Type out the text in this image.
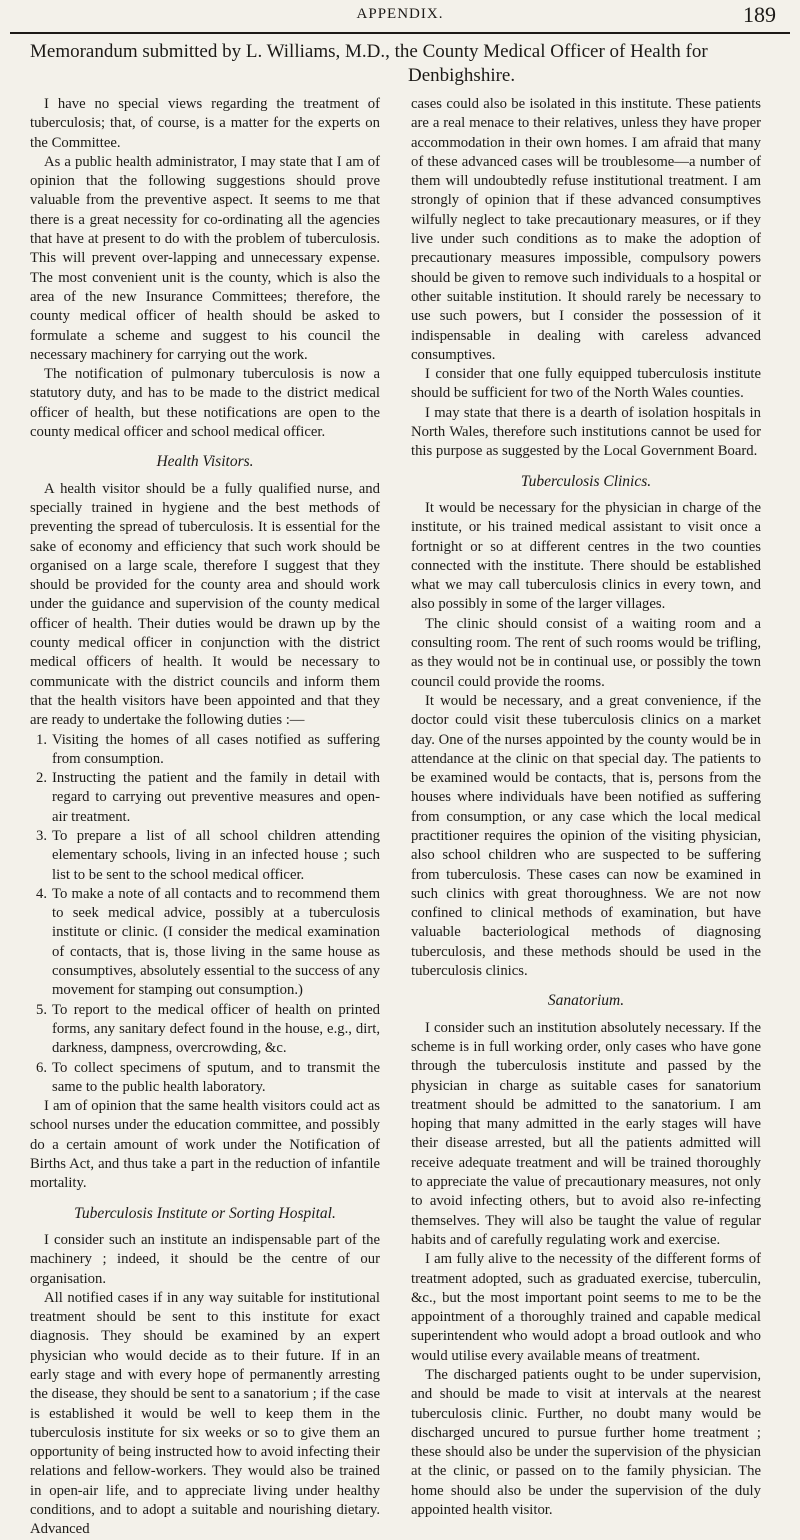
APPENDIX.	189
Memorandum submitted by L. Williams, M.D., the County Medical Officer of Health for
Denbighshire.

I have no special views regarding the treatment of tuberculosis; that, of course, is a matter for the experts on the Committee.

As a public health administrator, I may state that I am of opinion that the following suggestions should prove valuable from the preventive aspect. It seems to me that there is a great necessity for co-ordinating all the agencies that have at present to do with the problem of tuberculosis. This will prevent over-lapping and unnecessary expense. The most convenient unit is the county, which is also the area of the new Insurance Committees; therefore, the county medical officer of health should be asked to formulate a scheme and suggest to his council the necessary machinery for carrying out the work.

The notification of pulmonary tuberculosis is now a statutory duty, and has to be made to the district medical officer of health, but these notifications are open to the county medical officer and school medical officer.

Health Visitors.

A health visitor should be a fully qualified nurse, and specially trained in hygiene and the best methods of preventing the spread of tuberculosis. It is essential for the sake of economy and efficiency that such work should be organised on a large scale, therefore I suggest that they should be provided for the county area and should work under the guidance and supervision of the county medical officer of health. Their duties would be drawn up by the county medical officer in conjunction with the district medical officers of health. It would be necessary to communicate with the district councils and inform them that the health visitors have been appointed and that they are ready to undertake the following duties :—

1. Visiting the homes of all cases notified as suffering from consumption.
2. Instructing the patient and the family in detail with regard to carrying out preventive measures and open-air treatment.
3. To prepare a list of all school children attending elementary schools, living in an infected house ; such list to be sent to the school medical officer.
4. To make a note of all contacts and to recommend them to seek medical advice, possibly at a tuberculosis institute or clinic. (I consider the medical examination of contacts, that is, those living in the same house as consumptives, absolutely essential to the success of any movement for stamping out consumption.)
5. To report to the medical officer of health on printed forms, any sanitary defect found in the house, e.g., dirt, darkness, dampness, overcrowding, &c.
6. To collect specimens of sputum, and to transmit the same to the public health laboratory.

I am of opinion that the same health visitors could act as school nurses under the education committee, and possibly do a certain amount of work under the Notification of Births Act, and thus take a part in the reduction of infantile mortality.

Tuberculosis Institute or Sorting Hospital.

I consider such an institute an indispensable part of the machinery ; indeed, it should be the centre of our organisation.

All notified cases if in any way suitable for institutional treatment should be sent to this institute for exact diagnosis. They should be examined by an expert physician who would decide as to their future. If in an early stage and with every hope of permanently arresting the disease, they should be sent to a sanatorium ; if the case is established it would be well to keep them in the tuberculosis institute for six weeks or so to give them an opportunity of being instructed how to avoid infecting their relations and fellow-workers. They would also be trained in open-air life, and to appreciate living under healthy conditions, and to adopt a suitable and nourishing dietary. Advanced

cases could also be isolated in this institute. These patients are a real menace to their relatives, unless they have proper accommodation in their own homes. I am afraid that many of these advanced cases will be troublesome—a number of them will undoubtedly refuse institutional treatment. I am strongly of opinion that if these advanced consumptives wilfully neglect to take precautionary measures, or if they live under such conditions as to make the adoption of precautionary measures impossible, compulsory powers should be given to remove such individuals to a hospital or other suitable institution. It should rarely be necessary to use such powers, but I consider the possession of it indispensable in dealing with careless advanced consumptives.

I consider that one fully equipped tuberculosis institute should be sufficient for two of the North Wales counties.

I may state that there is a dearth of isolation hospitals in North Wales, therefore such institutions cannot be used for this purpose as suggested by the Local Government Board.

Tuberculosis Clinics.

It would be necessary for the physician in charge of the institute, or his trained medical assistant to visit once a fortnight or so at different centres in the two counties connected with the institute. There should be established what we may call tuberculosis clinics in every town, and also possibly in some of the larger villages.

The clinic should consist of a waiting room and a consulting room. The rent of such rooms would be trifling, as they would not be in continual use, or possibly the town council could provide the rooms.

It would be necessary, and a great convenience, if the doctor could visit these tuberculosis clinics on a market day. One of the nurses appointed by the county would be in attendance at the clinic on that special day. The patients to be examined would be contacts, that is, persons from the houses where individuals have been notified as suffering from consumption, or any case which the local medical practitioner requires the opinion of the visiting physician, also school children who are suspected to be suffering from tuberculosis. These cases can now be examined in such clinics with great thoroughness. We are not now confined to clinical methods of examination, but have valuable bacteriological methods of diagnosing tuberculosis, and these methods should be used in the tuberculosis clinics.

Sanatorium.

I consider such an institution absolutely necessary. If the scheme is in full working order, only cases who have gone through the tuberculosis institute and passed by the physician in charge as suitable cases for sanatorium treatment should be admitted to the sanatorium. I am hoping that many admitted in the early stages will have their disease arrested, but all the patients admitted will receive adequate treatment and will be trained thoroughly to appreciate the value of precautionary measures, not only to avoid infecting others, but to avoid also re-infecting themselves. They will also be taught the value of regular habits and of carefully regulating work and exercise.

I am fully alive to the necessity of the different forms of treatment adopted, such as graduated exercise, tuberculin, &c., but the most important point seems to me to be the appointment of a thoroughly trained and capable medical superintendent who would adopt a broad outlook and who would utilise every available means of treatment.

The discharged patients ought to be under supervision, and should be made to visit at intervals at the nearest tuberculosis clinic. Further, no doubt many would be discharged uncured to pursue further home treatment ; these should also be under the supervision of the physician at the clinic, or passed on to the family physician. The home should also be under the supervision of the duly appointed health visitor.
